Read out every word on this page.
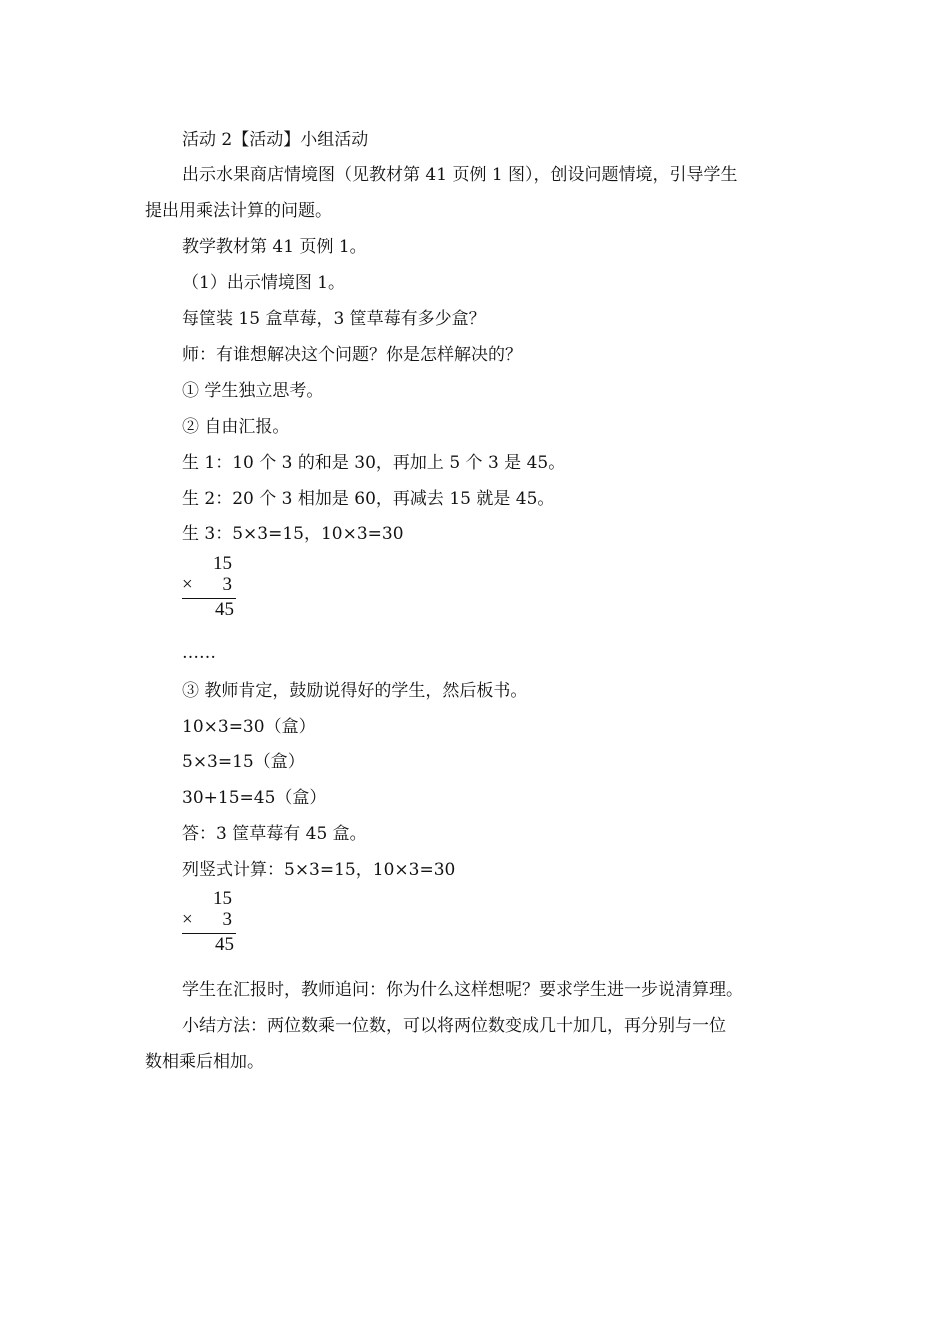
活动 2【活动】小组活动
出示水果商店情境图（见教材第 41 页例 1 图），创设问题情境，引导学生
提出用乘法计算的问题。
教学教材第 41 页例 1。
（1）出示情境图 1。
每筐装 15 盒草莓，3 筐草莓有多少盒？
师：有谁想解决这个问题？你是怎样解决的？
① 学生独立思考。
② 自由汇报。
生 1：10 个 3 的和是 30，再加上 5 个 3 是 45。
生 2：20 个 3 相加是 60，再减去 15 就是 45。
生 3：5×3=15，10×3=30
15
× 3
45
……
③ 教师肯定，鼓励说得好的学生，然后板书。
10×3=30（盒）
5×3=15（盒）
30+15=45（盒）
答：3 筐草莓有 45 盒。
列竖式计算：5×3=15，10×3=30
15
× 3
45
学生在汇报时，教师追问：你为什么这样想呢？要求学生进一步说清算理。
小结方法：两位数乘一位数，可以将两位数变成几十加几，再分别与一位
数相乘后相加。
